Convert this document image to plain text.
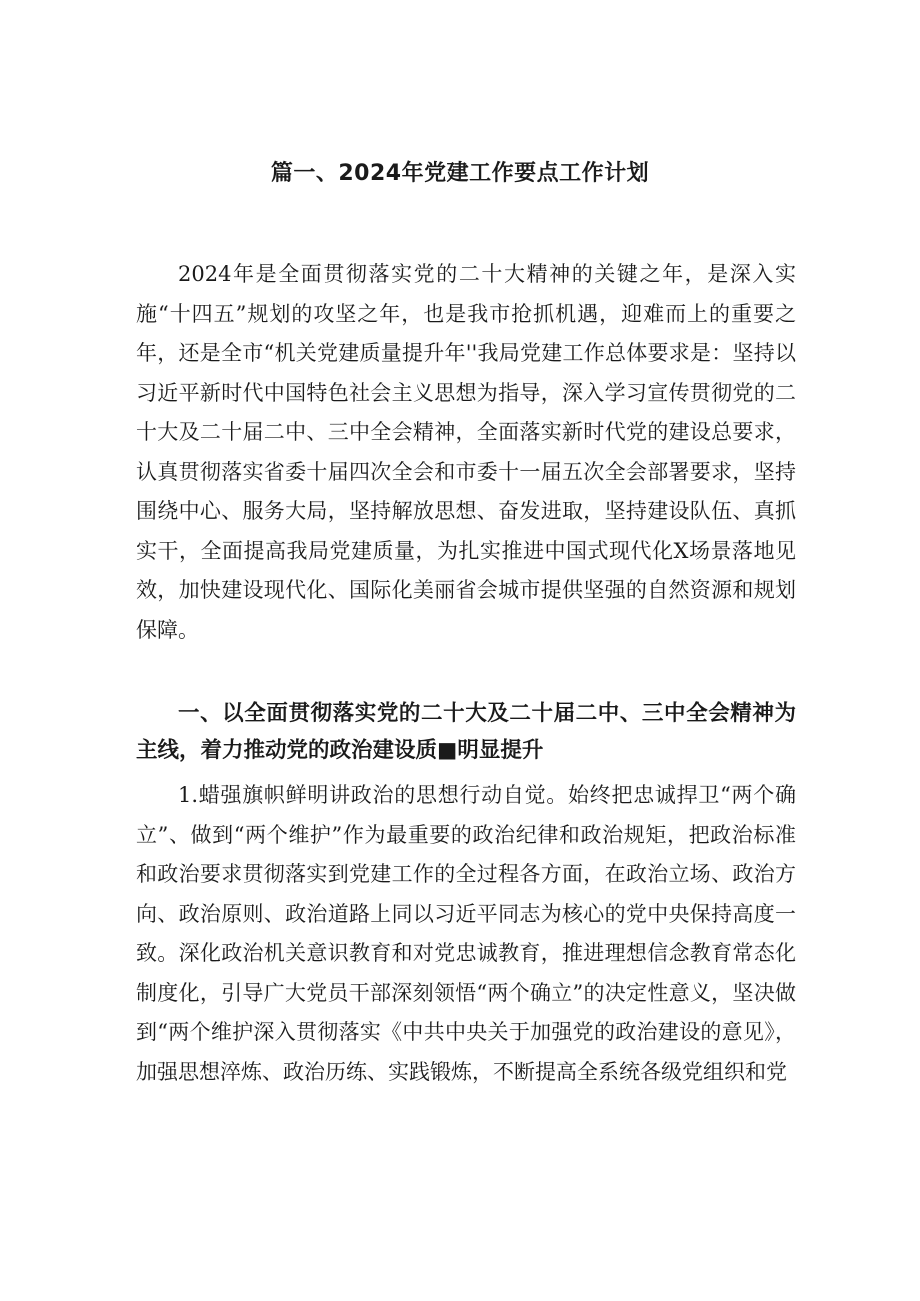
篇一、2024年党建工作要点工作计划

2024年是全面贯彻落实党的二十大精神的关键之年，是深入实施“十四五”规划的攻坚之年，也是我市抢抓机遇，迎难而上的重要之年，还是全市“机关党建质量提升年''我局党建工作总体要求是：坚持以习近平新时代中国特色社会主义思想为指导，深入学习宣传贯彻党的二十大及二十届二中、三中全会精神，全面落实新时代党的建设总要求，认真贯彻落实省委十届四次全会和市委十一届五次全会部署要求，坚持围绕中心、服务大局，坚持解放思想、奋发进取，坚持建设队伍、真抓实干，全面提高我局党建质量，为扎实推进中国式现代化X场景落地见效，加快建设现代化、国际化美丽省会城市提供坚强的自然资源和规划保障。

一、以全面贯彻落实党的二十大及二十届二中、三中全会精神为主线，着力推动党的政治建设质■明显提升

1.蜡强旗帜鲜明讲政治的思想行动自觉。始终把忠诚捍卫“两个确立”、做到“两个维护”作为最重要的政治纪律和政治规矩，把政治标准和政治要求贯彻落实到党建工作的全过程各方面，在政治立场、政治方向、政治原则、政治道路上同以习近平同志为核心的党中央保持高度一致。深化政治机关意识教育和对党忠诚教育，推进理想信念教育常态化制度化，引导广大党员干部深刻领悟“两个确立”的决定性意义，坚决做到“两个维护深入贯彻落实《中共中央关于加强党的政治建设的意见》，加强思想淬炼、政治历练、实践锻炼，不断提高全系统各级党组织和党
